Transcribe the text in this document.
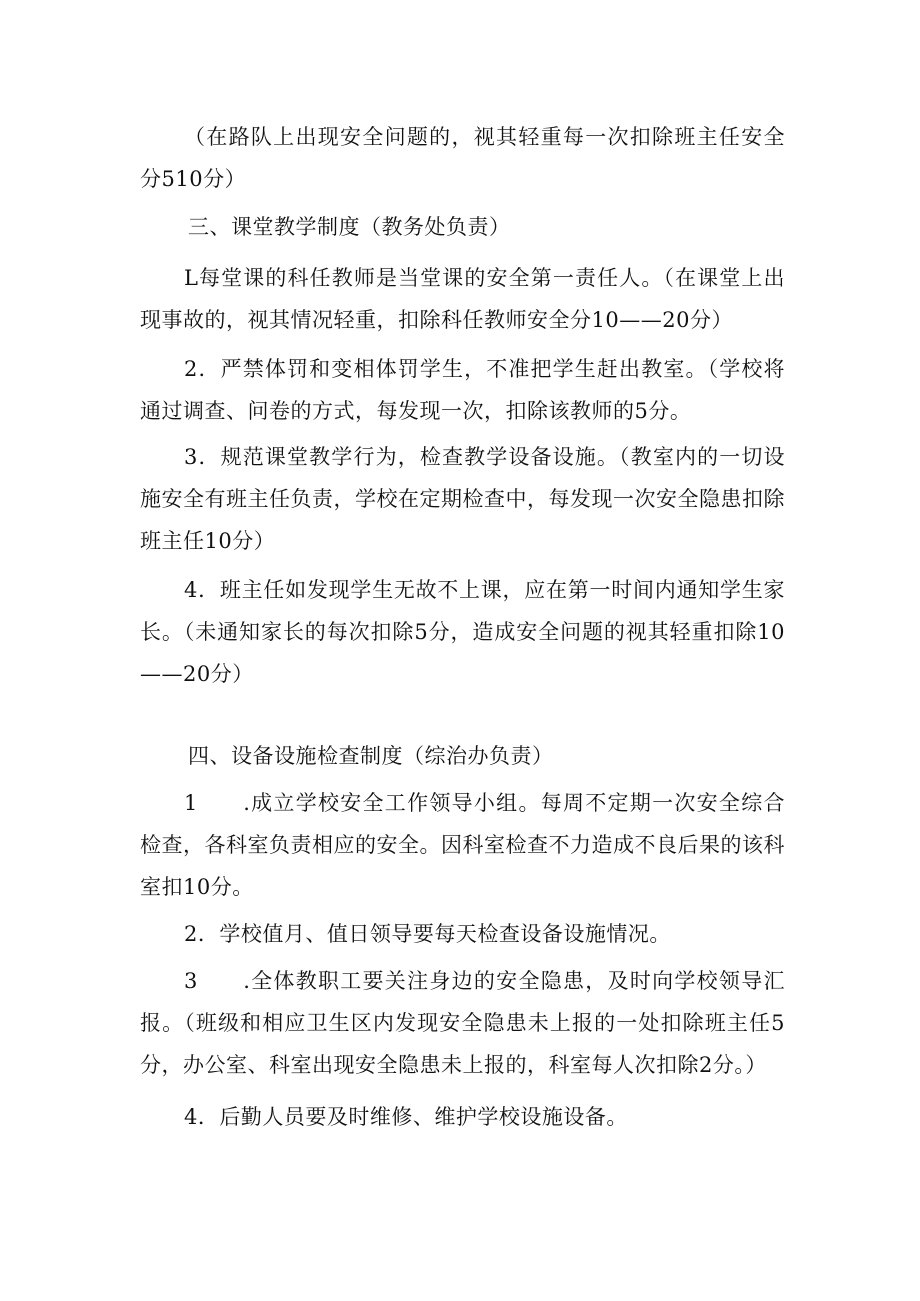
（在路队上出现安全问题的，视其轻重每一次扣除班主任安全分510分）

三、课堂教学制度（教务处负责）

L每堂课的科任教师是当堂课的安全第一责任人。（在课堂上出现事故的，视其情况轻重，扣除科任教师安全分10——20分）

2．严禁体罚和变相体罚学生，不准把学生赶出教室。（学校将通过调查、问卷的方式，每发现一次，扣除该教师的5分。

3．规范课堂教学行为，检查教学设备设施。（教室内的一切设施安全有班主任负责，学校在定期检查中，每发现一次安全隐患扣除班主任10分）

4．班主任如发现学生无故不上课，应在第一时间内通知学生家长。（未通知家长的每次扣除5分，造成安全问题的视其轻重扣除10——20分）

四、设备设施检查制度（综治办负责）

1　　.成立学校安全工作领导小组。每周不定期一次安全综合检查，各科室负责相应的安全。因科室检查不力造成不良后果的该科室扣10分。

2．学校值月、值日领导要每天检查设备设施情况。

3　　.全体教职工要关注身边的安全隐患，及时向学校领导汇报。（班级和相应卫生区内发现安全隐患未上报的一处扣除班主任5分，办公室、科室出现安全隐患未上报的，科室每人次扣除2分。）

4．后勤人员要及时维修、维护学校设施设备。
